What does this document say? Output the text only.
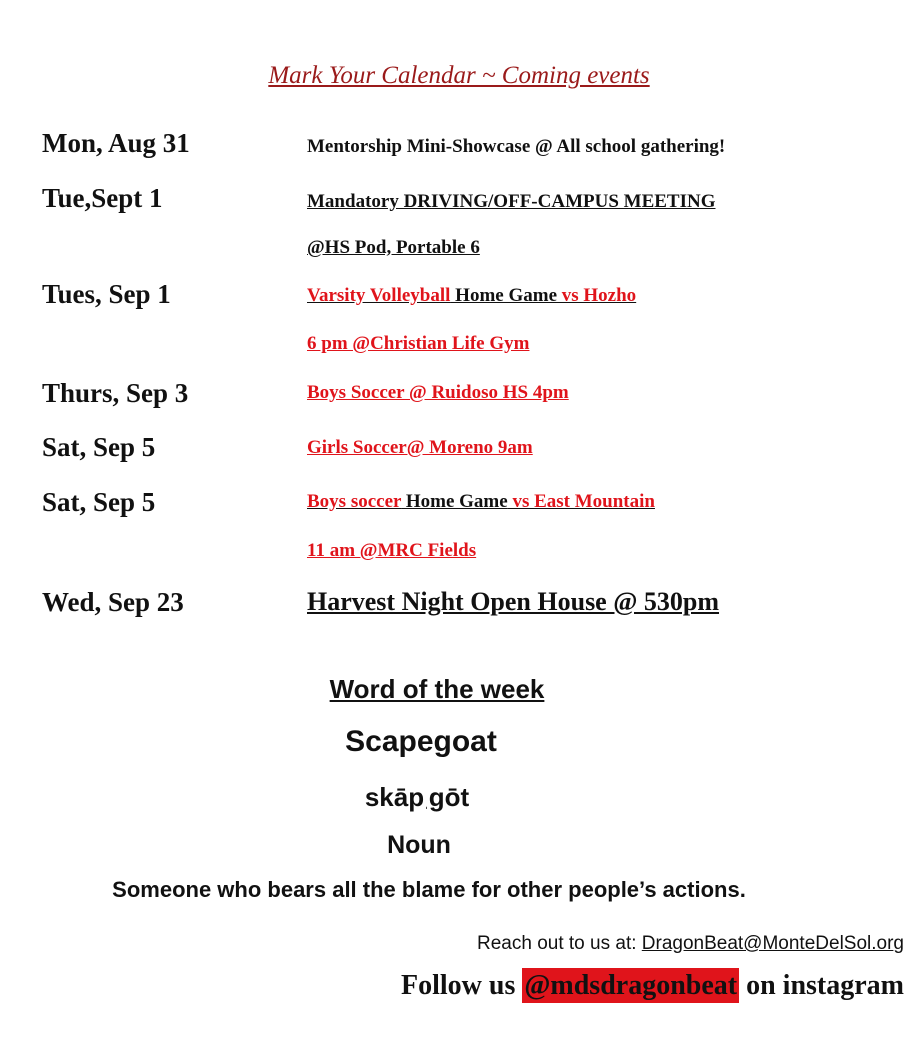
Mark Your Calendar ~ Coming events
Mon, Aug 31	Mentorship Mini-Showcase @ All school gathering!
Tue,Sept 1	Mandatory DRIVING/OFF-CAMPUS MEETING
@HS Pod, Portable 6
Tues, Sep 1	Varsity Volleyball Home Game vs Hozho
6 pm @Christian Life Gym
Thurs, Sep 3	Boys Soccer @ Ruidoso HS 4pm
Sat, Sep 5	Girls Soccer@ Moreno 9am
Sat, Sep 5	Boys soccer Home Game vs East Mountain
11 am @MRC Fields
Wed, Sep 23	Harvest Night Open House @ 530pm
Word of the week
Scapegoat
skāpˌgōt
Noun
Someone who bears all the blame for other people’s actions.
Reach out to us at: DragonBeat@MonteDelSol.org
Follow us @mdsdragonbeat on instagram
